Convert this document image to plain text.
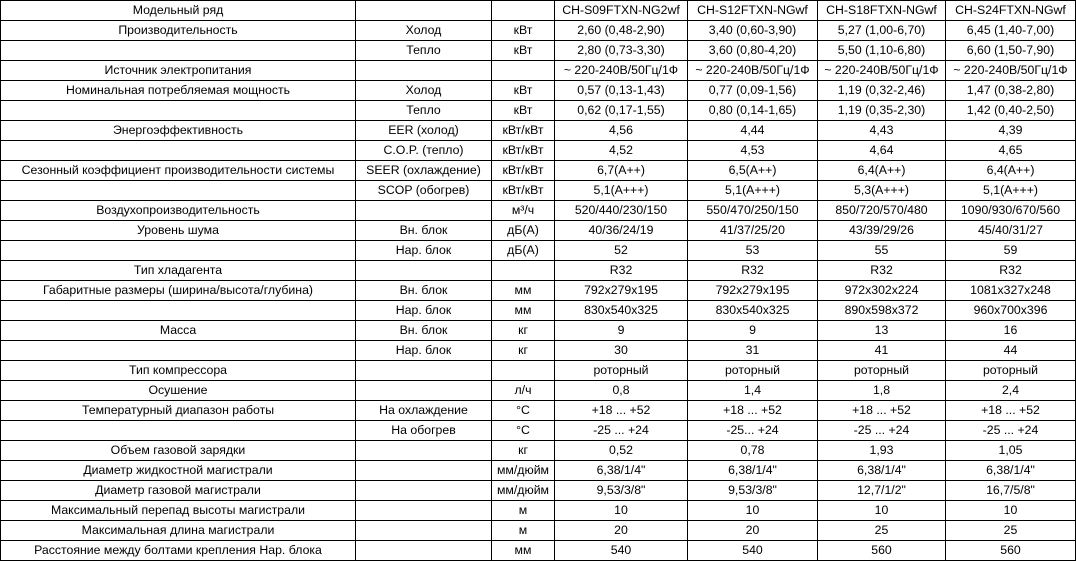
Модельный ряд			CH-S09FTXN-NG2wf	CH-S12FTXN-NGwf	CH-S18FTXN-NGwf	CH-S24FTXN-NGwf
Производительность	Холод	кВт	2,60 (0,48-2,90)	3,40 (0,60-3,90)	5,27 (1,00-6,70)	6,45 (1,40-7,00)
	Тепло	кВт	2,80 (0,73-3,30)	3,60 (0,80-4,20)	5,50 (1,10-6,80)	6,60 (1,50-7,90)
Источник электропитания			~ 220-240В/50Гц/1Ф	~ 220-240В/50Гц/1Ф	~ 220-240В/50Гц/1Ф	~ 220-240В/50Гц/1Ф
Номинальная потребляемая мощность	Холод	кВт	0,57 (0,13-1,43)	0,77 (0,09-1,56)	1,19 (0,32-2,46)	1,47 (0,38-2,80)
	Тепло	кВт	0,62 (0,17-1,55)	0,80 (0,14-1,65)	1,19 (0,35-2,30)	1,42 (0,40-2,50)
Энергоэффективность	EER (холод)	кВт/кВт	4,56	4,44	4,43	4,39
	C.O.P. (тепло)	кВт/кВт	4,52	4,53	4,64	4,65
Сезонный коэффициент производительности системы	SEER (охлаждение)	кВт/кВт	6,7(A++)	6,5(A++)	6,4(A++)	6,4(A++)
	SCOP (обогрев)	кВт/кВт	5,1(A+++)	5,1(A+++)	5,3(A+++)	5,1(A+++)
Воздухопроизводительность		м³/ч	520/440/230/150	550/470/250/150	850/720/570/480	1090/930/670/560
Уровень шума	Вн. блок	дБ(А)	40/36/24/19	41/37/25/20	43/39/29/26	45/40/31/27
	Нар. блок	дБ(А)	52	53	55	59
Тип хладагента			R32	R32	R32	R32
Габаритные размеры (ширина/высота/глубина)	Вн. блок	мм	792x279x195	792x279x195	972x302x224	1081x327x248
	Нар. блок	мм	830x540x325	830x540x325	890x598x372	960x700x396
Масса	Вн. блок	кг	9	9	13	16
	Нар. блок	кг	30	31	41	44
Тип компрессора			роторный	роторный	роторный	роторный
Осушение		л/ч	0,8	1,4	1,8	2,4
Температурный диапазон работы	На охлаждение	°С	+18 ... +52	+18 ... +52	+18 ... +52	+18 ... +52
	На обогрев	°С	-25 ... +24	-25... +24	-25 ... +24	-25 ... +24
Объем газовой зарядки		кг	0,52	0,78	1,93	1,05
Диаметр жидкостной магистрали		мм/дюйм	6,38/1/4"	6,38/1/4"	6,38/1/4"	6,38/1/4"
Диаметр газовой магистрали		мм/дюйм	9,53/3/8"	9,53/3/8"	12,7/1/2"	16,7/5/8"
Максимальный перепад высоты магистрали		м	10	10	10	10
Максимальная длина магистрали		м	20	20	25	25
Расстояние между болтами крепления Нар. блока		мм	540	540	560	560
